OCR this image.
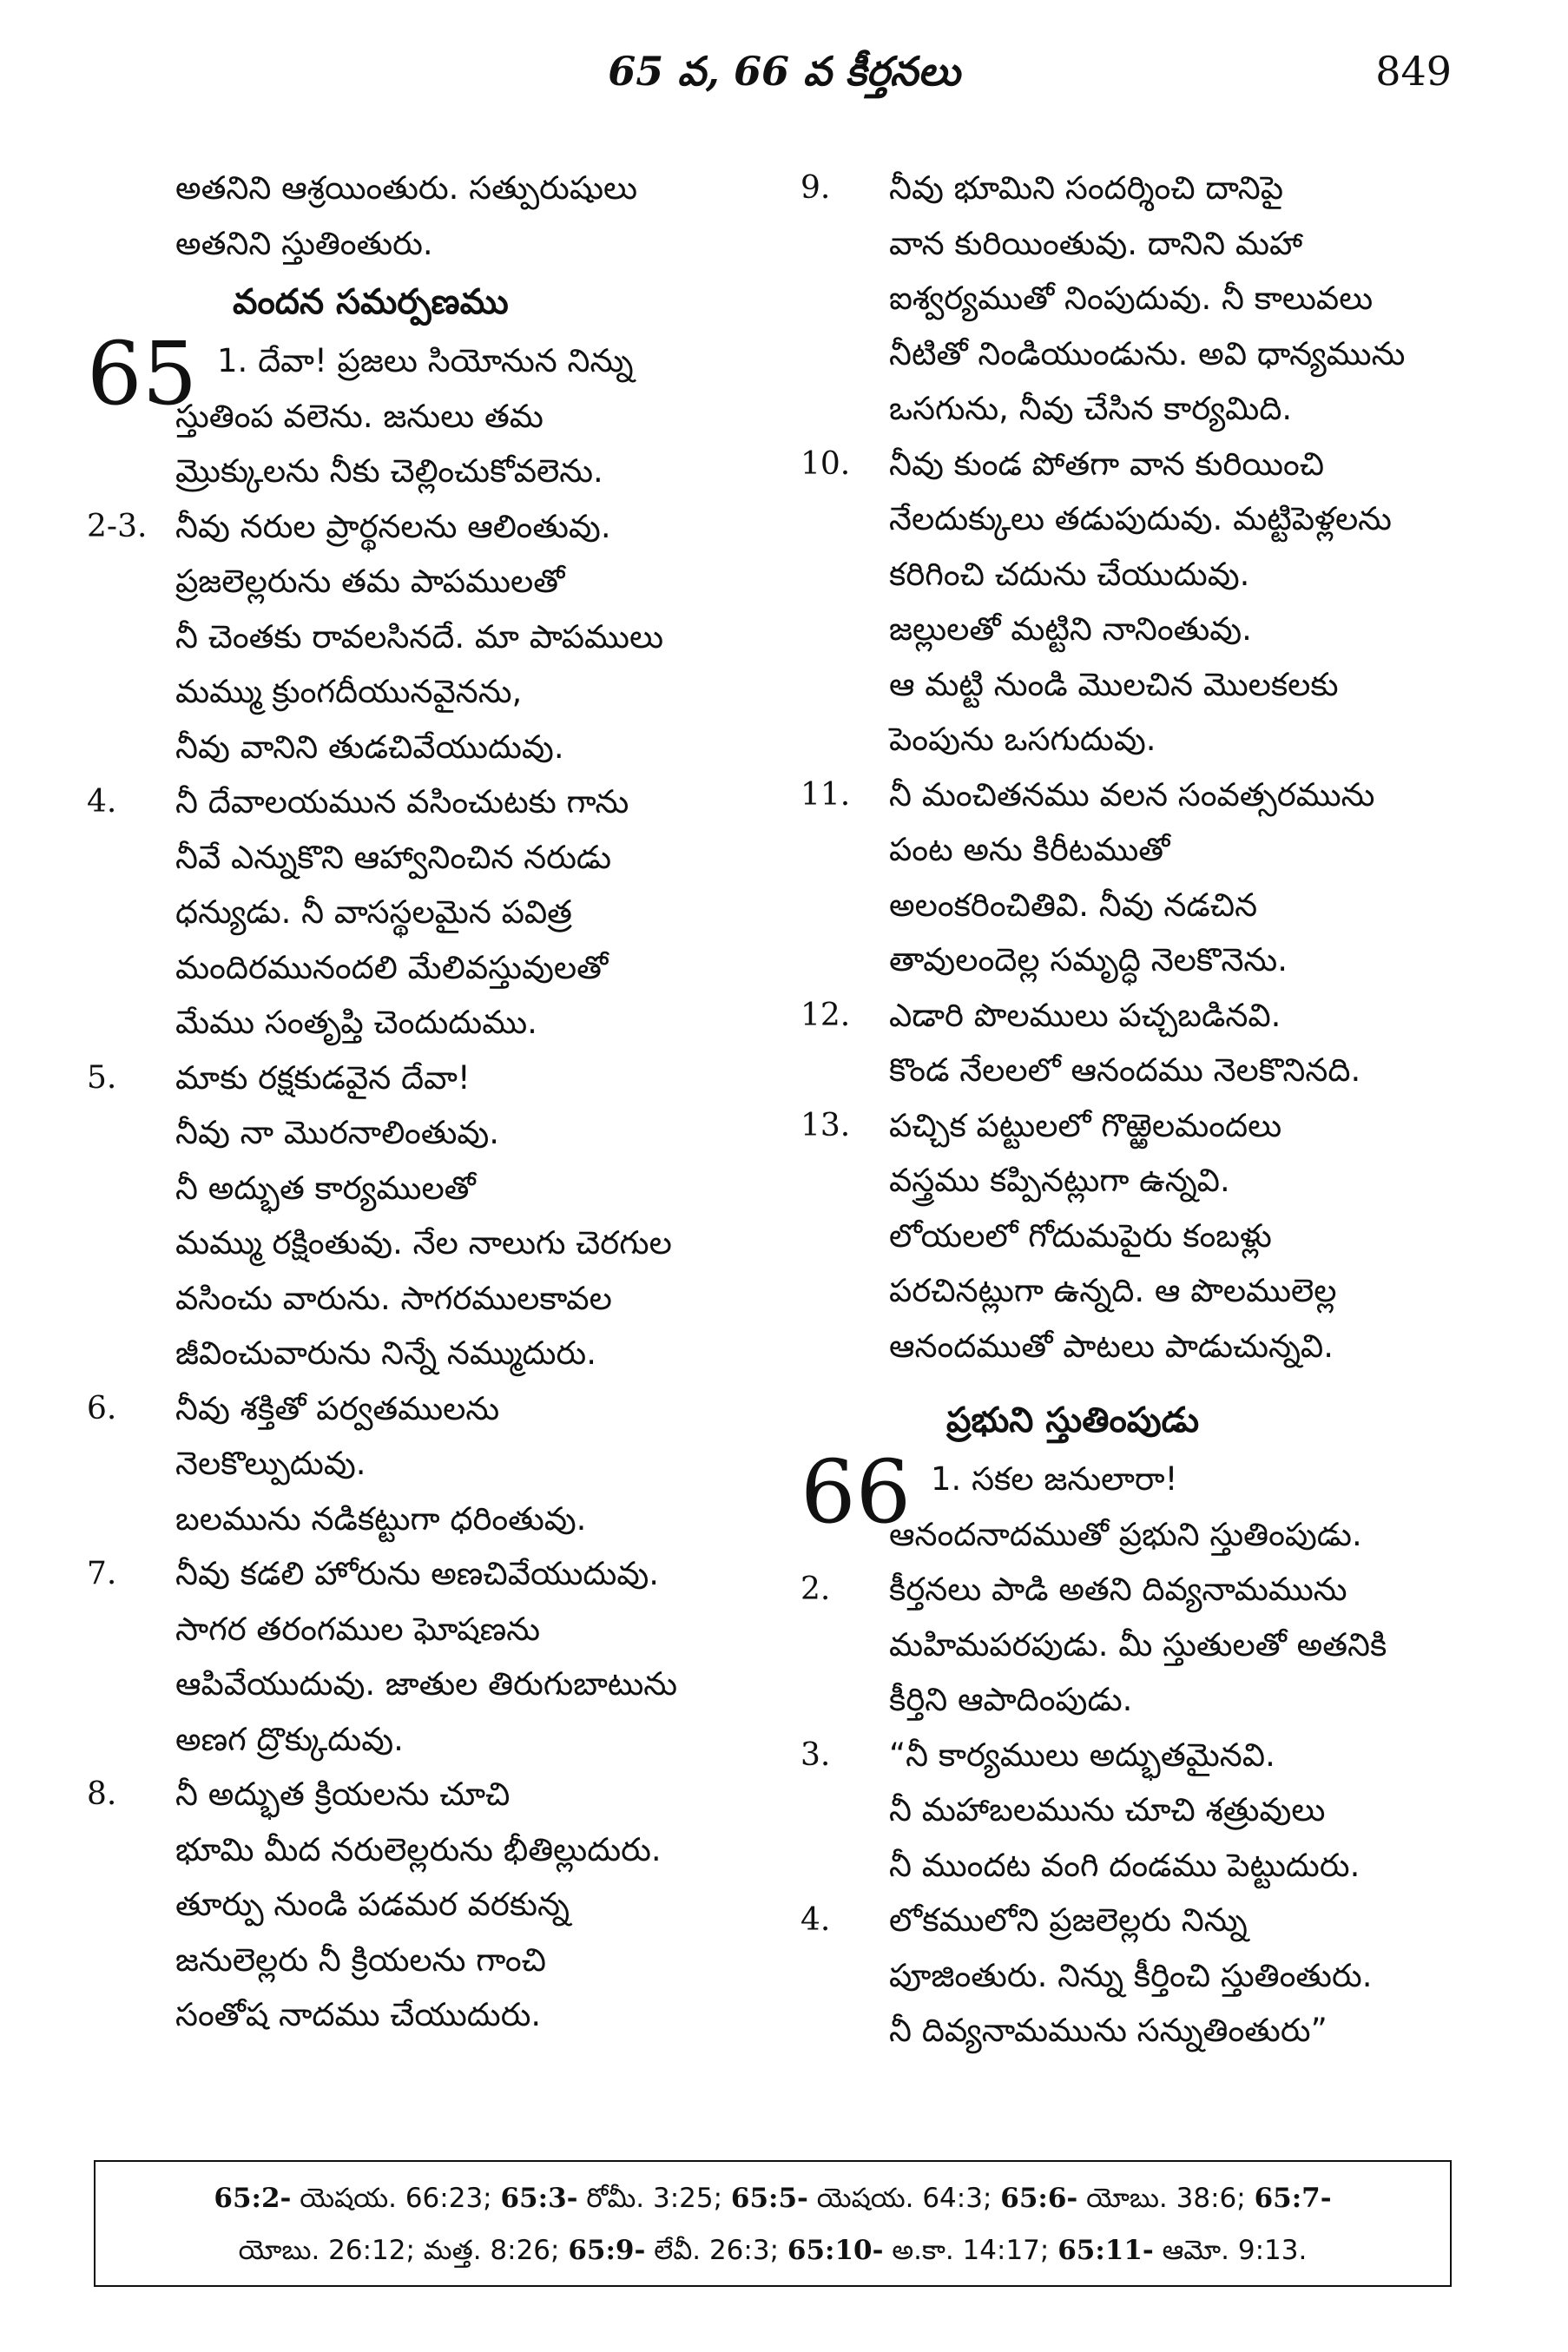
65 వ, 66 వ కీర్తనలు	849
అతనిని ఆశ్రయింతురు. సత్పురుషులు
అతనిని స్తుతింతురు.
వందన సమర్పణము
65 1. దేవా! ప్రజలు సియోనున నిన్ను
స్తుతింప వలెను. జనులు తమ
మ్రొక్కులను నీకు చెల్లించుకోవలెను.
2-3. నీవు నరుల ప్రార్థనలను ఆలింతువు.
ప్రజలెల్లరును తమ పాపములతో
నీ చెంతకు రావలసినదే. మా పాపములు
మమ్ము క్రుంగదీయునవైనను,
నీవు వానిని తుడచివేయుదువు.
4. నీ దేవాలయమున వసించుటకు గాను
నీవే ఎన్నుకొని ఆహ్వానించిన నరుడు
ధన్యుడు. నీ వాసస్థలమైన పవిత్ర
మందిరమునందలి మేలివస్తువులతో
మేము సంతృప్తి చెందుదుము.
5. మాకు రక్షకుడవైన దేవా!
నీవు నా మొరనాలింతువు.
నీ అద్భుత కార్యములతో
మమ్ము రక్షింతువు. నేల నాలుగు చెరగుల
వసించు వారును. సాగరములకావల
జీవించువారును నిన్నే నమ్ముదురు.
6. నీవు శక్తితో పర్వతములను
నెలకొల్పుదువు.
బలమును నడికట్టుగా ధరింతువు.
7. నీవు కడలి హోరును అణచివేయుదువు.
సాగర తరంగముల ఘోషణను
ఆపివేయుదువు. జాతుల తిరుగుబాటును
అణగ ద్రొక్కుదువు.
8. నీ అద్భుత క్రియలను చూచి
భూమి మీద నరులెల్లరును భీతిల్లుదురు.
తూర్పు నుండి పడమర వరకున్న
జనులెల్లరు నీ క్రియలను గాంచి
సంతోష నాదము చేయుదురు.
9. నీవు భూమిని సందర్శించి దానిపై
వాన కురియింతువు. దానిని మహా
ఐశ్వర్యముతో నింపుదువు. నీ కాలువలు
నీటితో నిండియుండును. అవి ధాన్యమును
ఒసగును, నీవు చేసిన కార్యమిది.
10. నీవు కుండ పోతగా వాన కురియించి
నేలదుక్కులు తడుపుదువు. మట్టిపెళ్లలను
కరిగించి చదును చేయుదువు.
జల్లులతో మట్టిని నానింతువు.
ఆ మట్టి నుండి మొలచిన మొలకలకు
పెంపును ఒసగుదువు.
11. నీ మంచితనము వలన సంవత్సరమును
పంట అను కిరీటముతో
అలంకరించితివి. నీవు నడచిన
తావులందెల్ల సమృద్ధి నెలకొనెను.
12. ఎడారి పొలములు పచ్చబడినవి.
కొండ నేలలలో ఆనందము నెలకొనినది.
13. పచ్చిక పట్టులలో గొఱ్ఱెలమందలు
వస్త్రము కప్పినట్లుగా ఉన్నవి.
లోయలలో గోదుమపైరు కంబళ్లు
పరచినట్లుగా ఉన్నది. ఆ పొలములెల్ల
ఆనందముతో పాటలు పాడుచున్నవి.
ప్రభుని స్తుతింపుడు
66 1. సకల జనులారా!
ఆనందనాదముతో ప్రభుని స్తుతింపుడు.
2. కీర్తనలు పాడి అతని దివ్యనామమును
మహిమపరపుడు. మీ స్తుతులతో అతనికి
కీర్తిని ఆపాదింపుడు.
3. “నీ కార్యములు అద్భుతమైనవి.
నీ మహాబలమును చూచి శత్రువులు
నీ ముందట వంగి దండము పెట్టుదురు.
4. లోకములోని ప్రజలెల్లరు నిన్ను
పూజింతురు. నిన్ను కీర్తించి స్తుతింతురు.
నీ దివ్యనామమును సన్నుతింతురు”
65:2- యెషయ. 66:23; 65:3- రోమీ. 3:25; 65:5- యెషయ. 64:3; 65:6- యోబు. 38:6; 65:7-
యోబు. 26:12; మత్త. 8:26; 65:9- లేవీ. 26:3; 65:10- అ.కా. 14:17; 65:11- ఆమో. 9:13.
